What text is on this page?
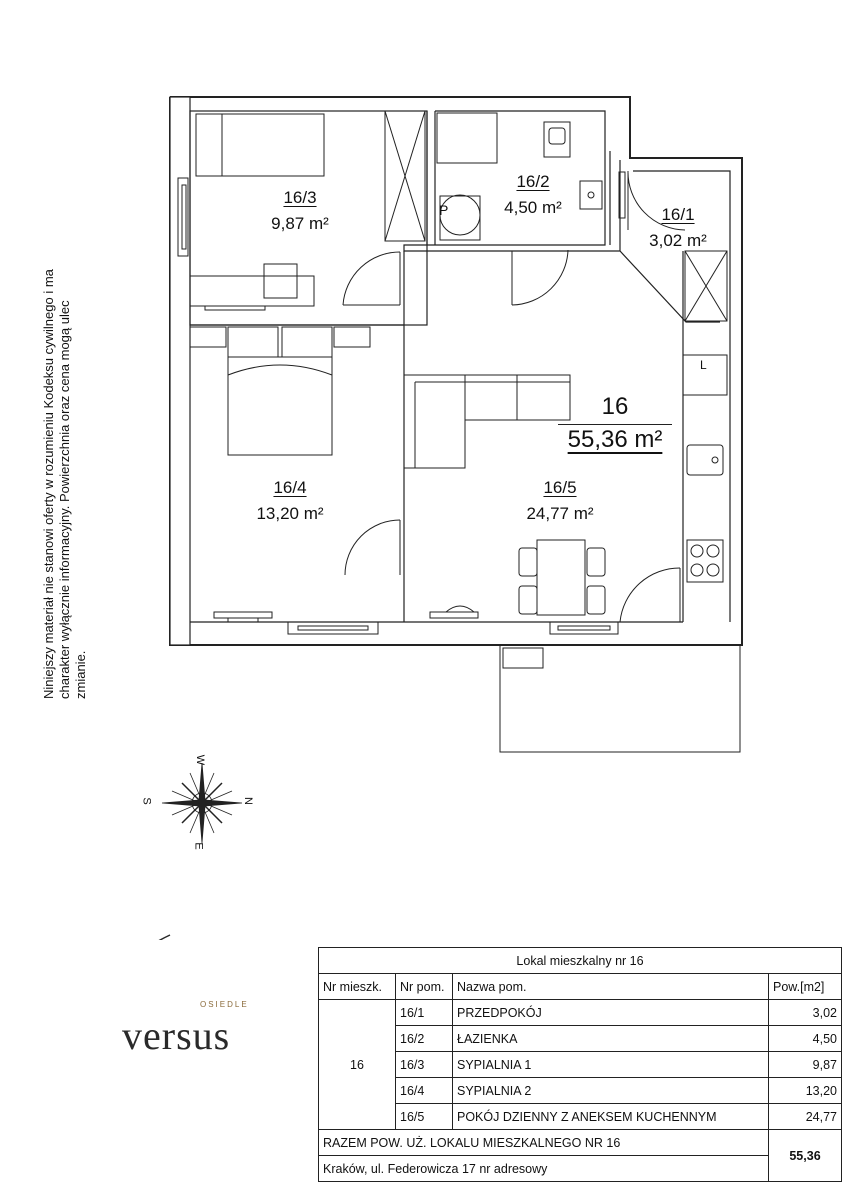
16/3
9,87 m²
16/2
4,50 m²	16/1
3,02 m²
16/4
13,20 m²
16/5
24,77 m²
16
55,36 m²
P
L
W
N
S
E
Niniejszy materiał nie stanowi oferty w rozumieniu Kodeksu cywilnego i ma charakter wyłącznie informacyjny. Powierzchnia oraz cena mogą ulec zmianie.
OSIEDLE
versus
Lokal mieszkalny nr 16			
Nr mieszk.	Nr pom.	Nazwa pom.	Pow.[m2]
16	16/1	PRZEDPOKÓJ	3,02
	16/2	ŁAZIENKA	4,50
	16/3	SYPIALNIA 1	9,87
	16/4	SYPIALNIA 2	13,20
	16/5	POKÓJ DZIENNY Z ANEKSEM KUCHENNYM	24,77
RAZEM POW. UŻ. LOKALU MIESZKALNEGO NR 16			55,36
Kraków, ul. Federowicza 17 nr adresowy			
